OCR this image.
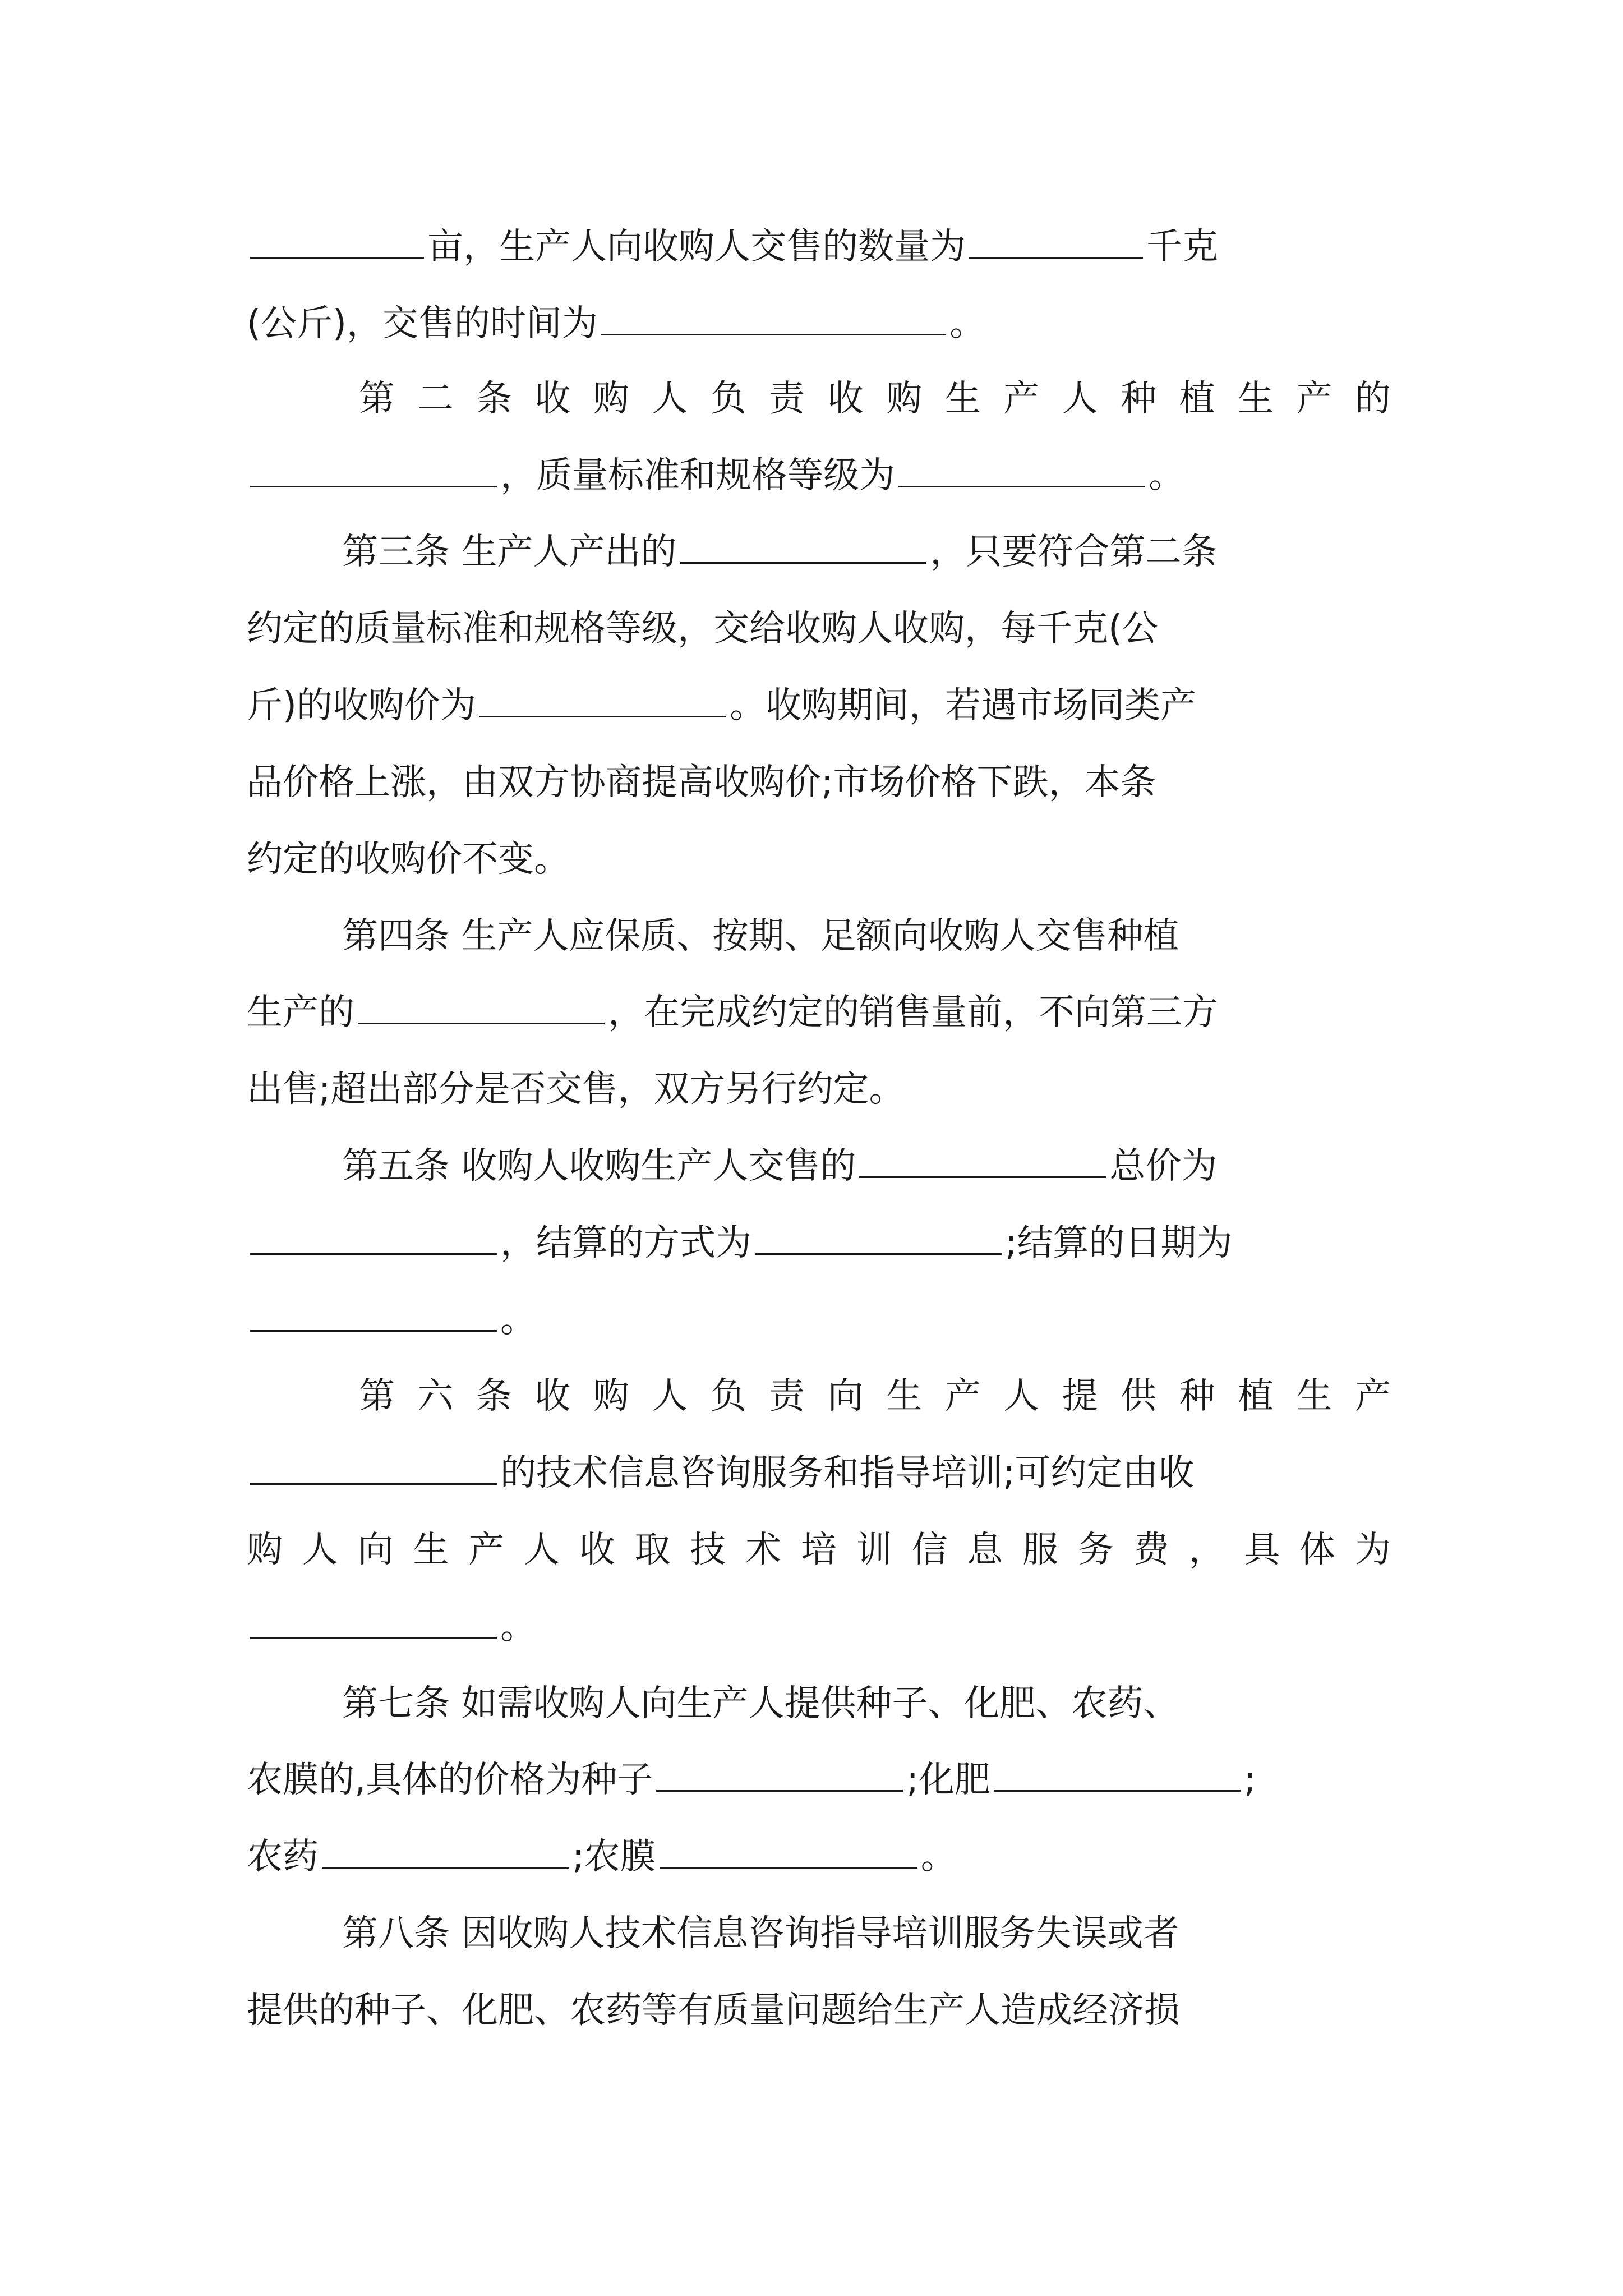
亩，生产人向收购人交售的数量为	千克
(公斤)，交售的时间为	。
第 二 条 收 购 人 负 责 收 购 生 产 人 种 植 生 产 的
，质量标准和规格等级为	。
第三条 生产人产出的	，只要符合第二条
约定的质量标准和规格等级，交给收购人收购，每千克(公
斤)的收购价为	。收购期间，若遇市场同类产
品价格上涨，由双方协商提高收购价;市场价格下跌，本条
约定的收购价不变。
第四条 生产人应保质、按期、足额向收购人交售种植
生产的	，在完成约定的销售量前，不向第三方
出售;超出部分是否交售，双方另行约定。
第五条 收购人收购生产人交售的	总价为
，结算的方式为	;结算的日期为
。
第 六 条 收 购 人 负 责 向 生 产 人 提 供 种 植 生 产
的技术信息咨询服务和指导培训;可约定由收
购 人 向 生 产 人 收 取 技 术 培 训 信 息 服 务 费 ， 具 体 为
。
第七条 如需收购人向生产人提供种子、化肥、农药、
农膜的,具体的价格为种子	;化肥	;
农药	;农膜	。
第八条 因收购人技术信息咨询指导培训服务失误或者
提供的种子、化肥、农药等有质量问题给生产人造成经济损
